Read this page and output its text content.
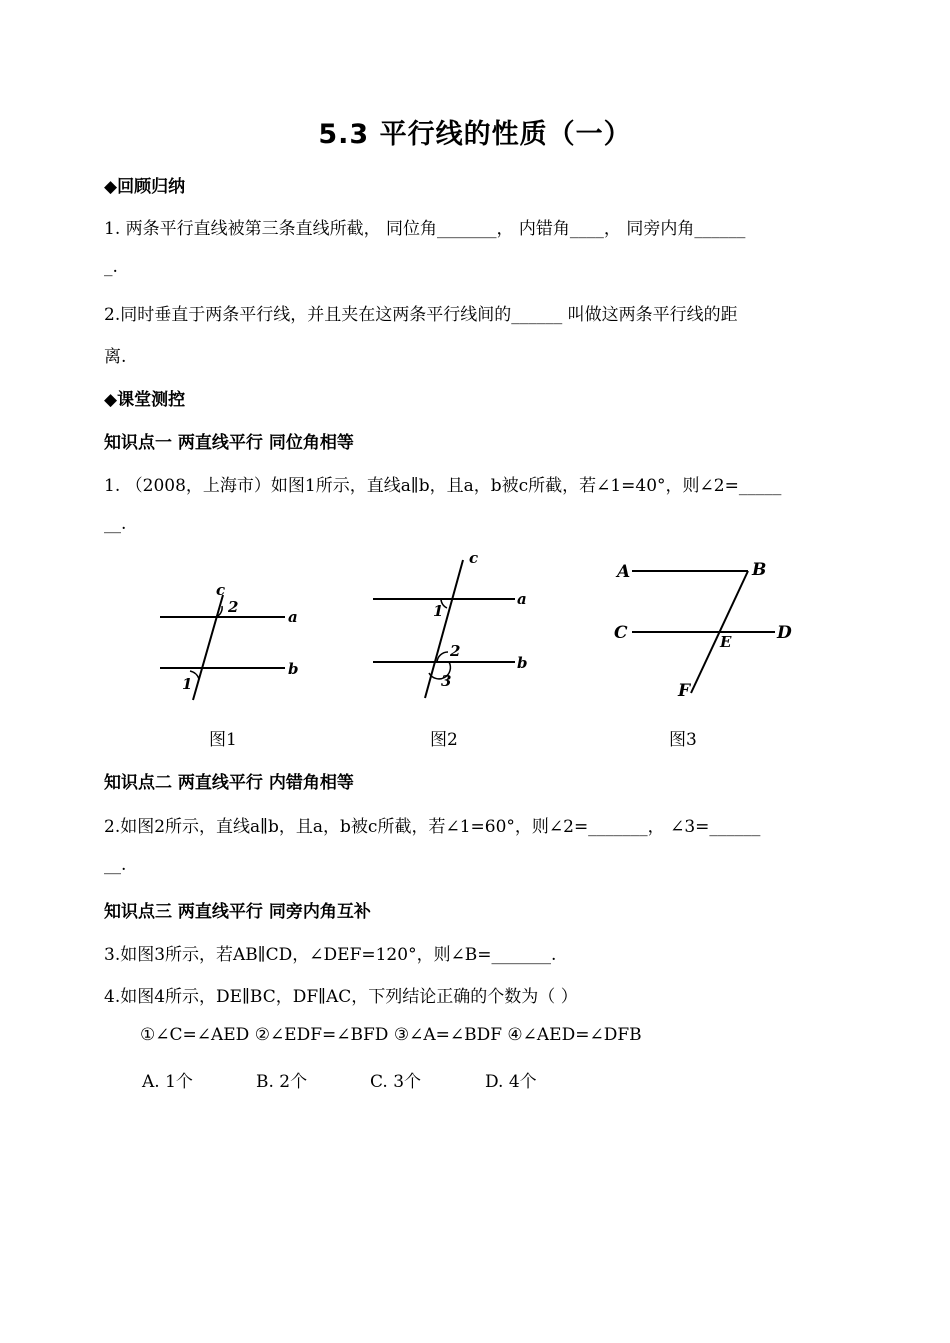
5.3 平行线的性质（一）
◆回顾归纳
1. 两条平行直线被第三条直线所截， 同位角_______， 内错角____， 同旁内角______
_.
2.同时垂直于两条平行线，并且夹在这两条平行线间的______ 叫做这两条平行线的距
离.
◆课堂测控
知识点一 两直线平行 同位角相等
1. （2008，上海市）如图1所示，直线a∥b，且a，b被c所截，若∠1=40°，则∠2=_____
__.
c
2
a
b
1
图1
c
a
b
1
2
3
图2
A	B
C	D
E
F
图3
知识点二 两直线平行 内错角相等
2.如图2所示，直线a∥b，且a，b被c所截，若∠1=60°，则∠2=_______， ∠3=______
__.
知识点三 两直线平行 同旁内角互补
3.如图3所示，若AB∥CD，∠DEF=120°，则∠B=_______.
4.如图4所示，DE∥BC，DF∥AC，下列结论正确的个数为（ ）
①∠C=∠AED ②∠EDF=∠BFD ③∠A=∠BDF ④∠AED=∠DFB
A. 1个	B. 2个	C. 3个	D. 4个
